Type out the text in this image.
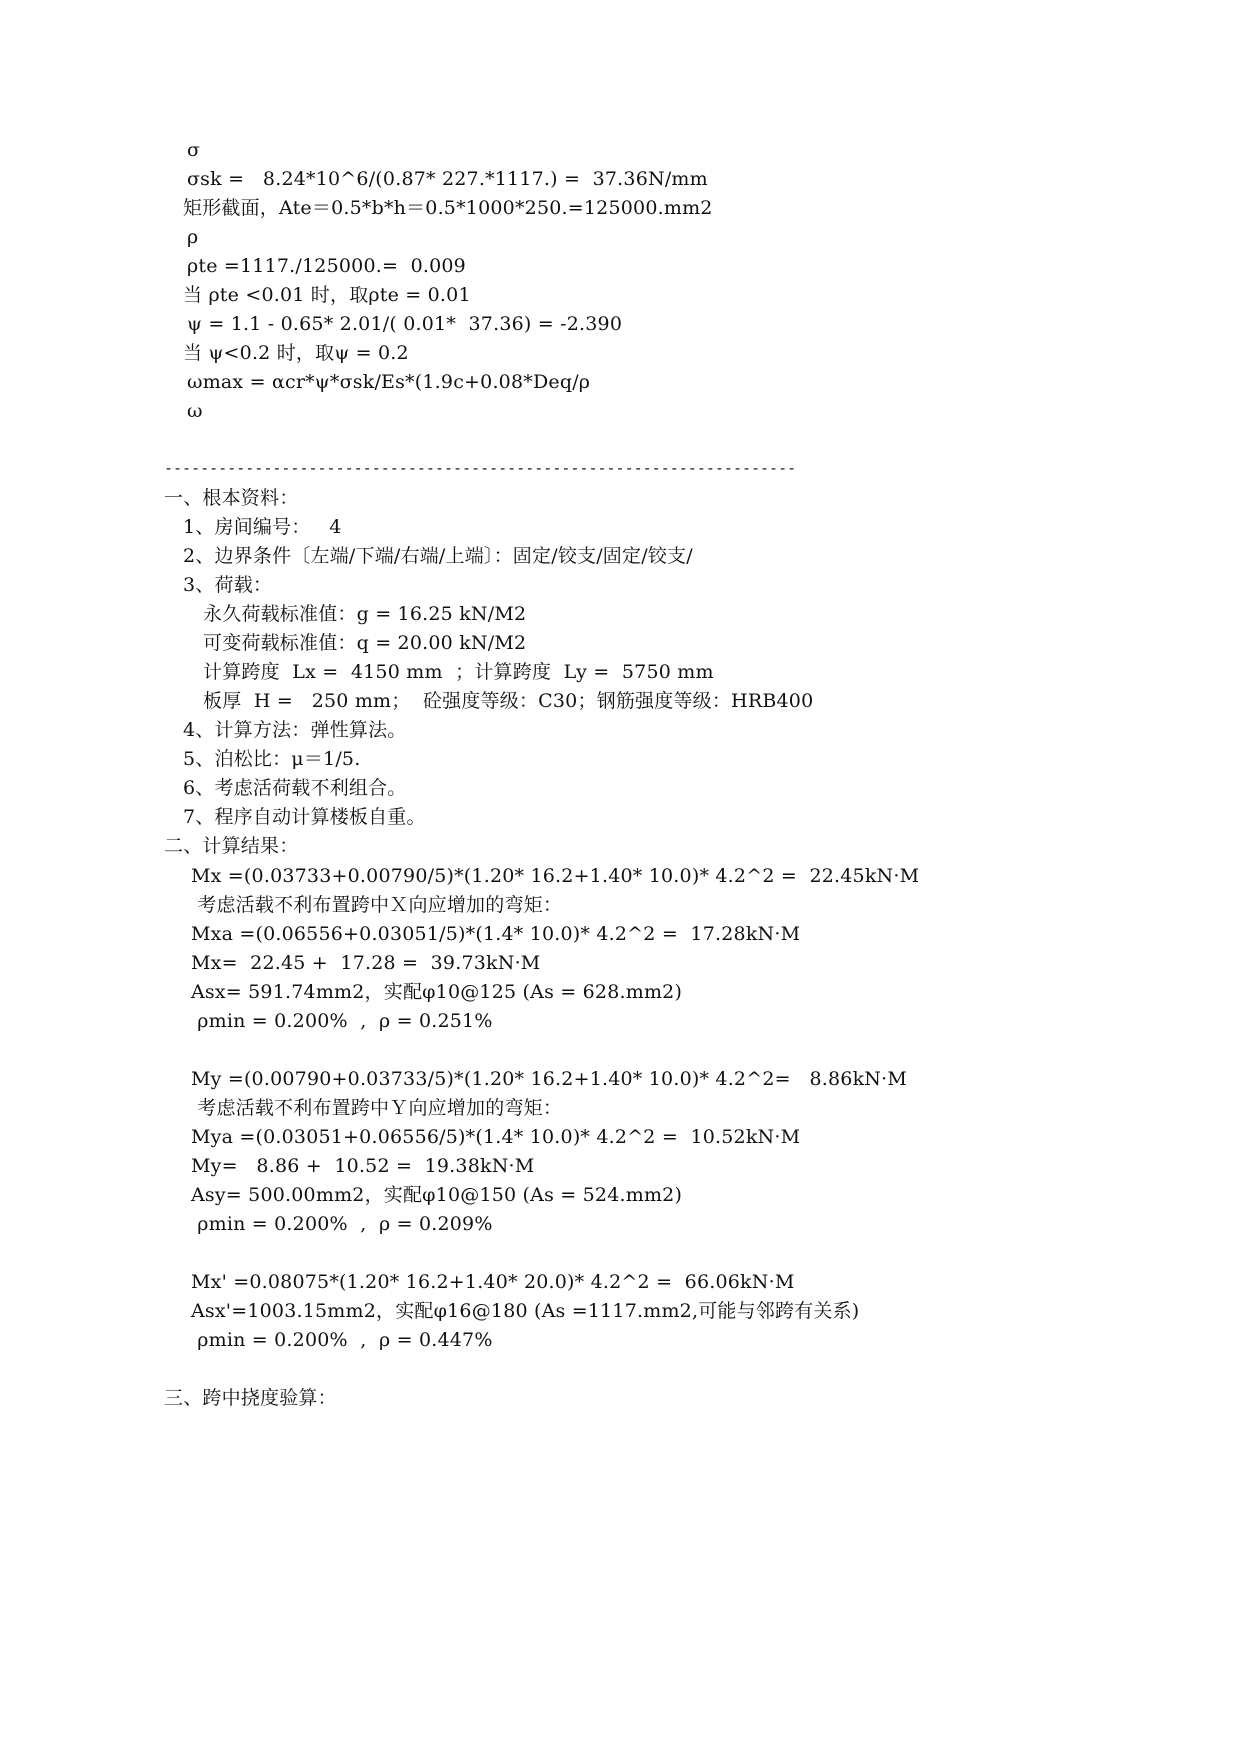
σ
σsk =   8.24*10^6/(0.87* 227.*1117.) =  37.36N/mm
矩形截面，Ate＝0.5*b*h＝0.5*1000*250.=125000.mm2
ρ
ρte =1117./125000.=  0.009
当 ρte <0.01 时，取ρte = 0.01
ψ = 1.1 - 0.65* 2.01/( 0.01*  37.36) = -2.390
当 ψ<0.2 时，取ψ = 0.2
ωmax = αcr*ψ*σsk/Es*(1.9c+0.08*Deq/ρ
ω
----------------------------------------------------------------------
一、根本资料：
1、房间编号：   4
2、边界条件〔左端/下端/右端/上端〕：固定/铰支/固定/铰支/
3、荷载：
永久荷载标准值：g = 16.25 kN/M2
可变荷载标准值：q = 20.00 kN/M2
计算跨度  Lx =  4150 mm  ；计算跨度  Ly =  5750 mm
板厚  H =   250 mm；  砼强度等级：C30；钢筋强度等级：HRB400
4、计算方法：弹性算法。
5、泊松比：μ＝1/5.
6、考虑活荷载不利组合。
7、程序自动计算楼板自重。
二、计算结果：
Mx =(0.03733+0.00790/5)*(1.20* 16.2+1.40* 10.0)* 4.2^2 =  22.45kN·M
考虑活载不利布置跨中Ｘ向应增加的弯矩：
Mxa =(0.06556+0.03051/5)*(1.4* 10.0)* 4.2^2 =  17.28kN·M
Mx=  22.45 +  17.28 =  39.73kN·M
Asx= 591.74mm2，实配φ10@125 (As = 628.mm2)
ρmin = 0.200%  ,  ρ = 0.251%
My =(0.00790+0.03733/5)*(1.20* 16.2+1.40* 10.0)* 4.2^2=   8.86kN·M
考虑活载不利布置跨中Ｙ向应增加的弯矩：
Mya =(0.03051+0.06556/5)*(1.4* 10.0)* 4.2^2 =  10.52kN·M
My=   8.86 +  10.52 =  19.38kN·M
Asy= 500.00mm2，实配φ10@150 (As = 524.mm2)
ρmin = 0.200%  ,  ρ = 0.209%
Mx' =0.08075*(1.20* 16.2+1.40* 20.0)* 4.2^2 =  66.06kN·M
Asx'=1003.15mm2，实配φ16@180 (As =1117.mm2,可能与邻跨有关系)
ρmin = 0.200%  ,  ρ = 0.447%
三、跨中挠度验算：
